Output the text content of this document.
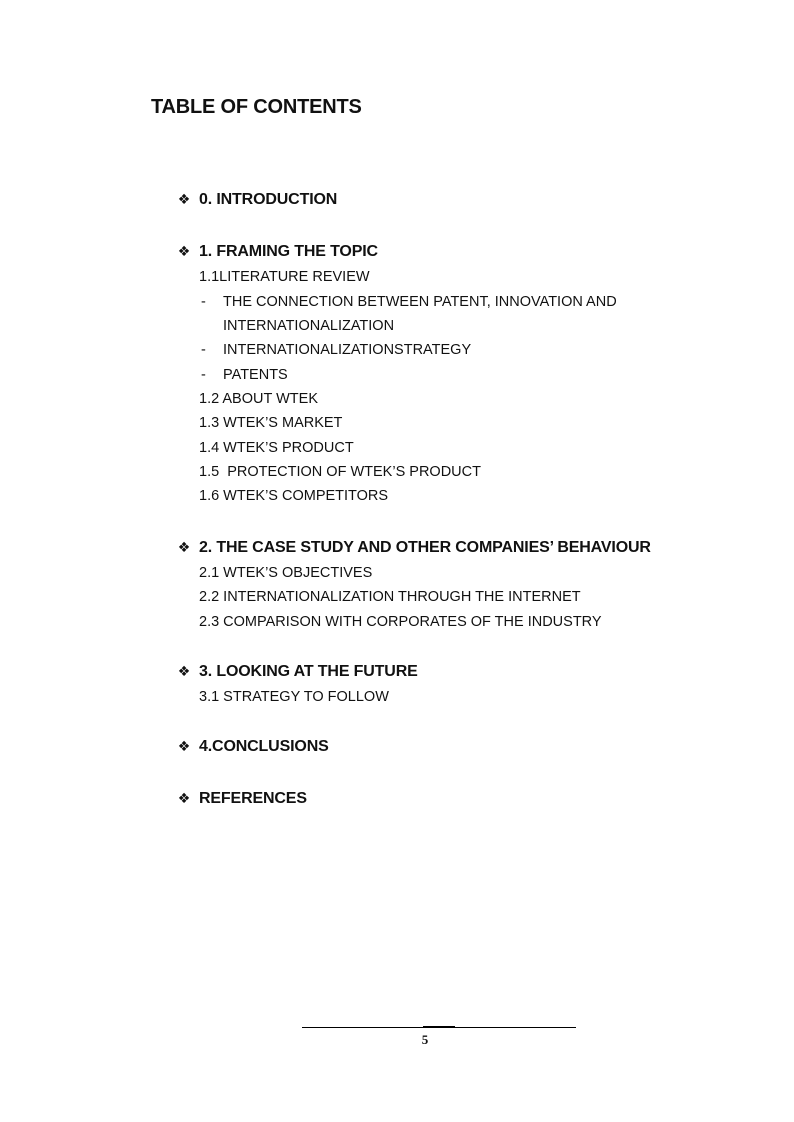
TABLE OF CONTENTS
❖ 0. INTRODUCTION
❖ 1. FRAMING THE TOPIC
1.1LITERATURE REVIEW
- THE CONNECTION BETWEEN PATENT, INNOVATION AND
INTERNATIONALIZATION
- INTERNATIONALIZATIONSTRATEGY
- PATENTS
1.2 ABOUT WTEK
1.3 WTEK’S MARKET
1.4 WTEK’S PRODUCT
1.5  PROTECTION OF WTEK’S PRODUCT
1.6 WTEK’S COMPETITORS
❖ 2. THE CASE STUDY AND OTHER COMPANIES’ BEHAVIOUR
2.1 WTEK’S OBJECTIVES
2.2 INTERNATIONALIZATION THROUGH THE INTERNET
2.3 COMPARISON WITH CORPORATES OF THE INDUSTRY
❖ 3. LOOKING AT THE FUTURE
3.1 STRATEGY TO FOLLOW
❖ 4.CONCLUSIONS
❖ REFERENCES
5
